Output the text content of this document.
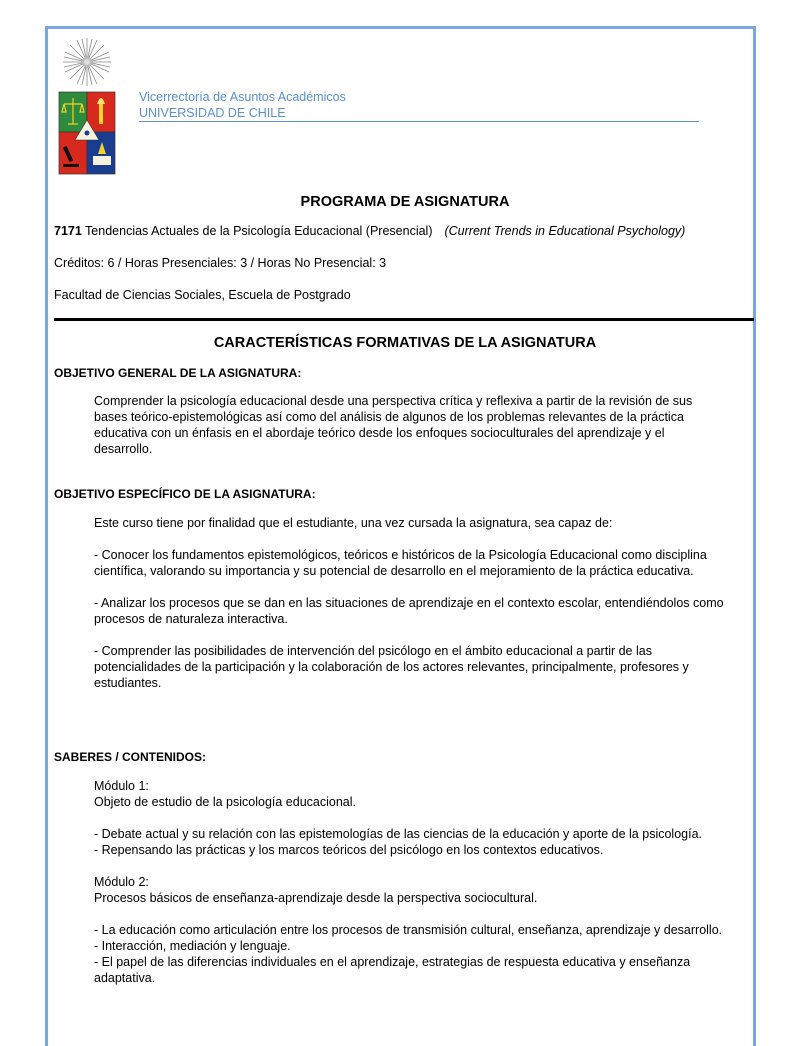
Vicerrectoría de Asuntos Académicos
UNIVERSIDAD DE CHILE
PROGRAMA DE ASIGNATURA
7171 Tendencias Actuales de la Psicología Educacional (Presencial) (Current Trends in Educational Psychology)
Créditos: 6 / Horas Presenciales: 3 / Horas No Presencial: 3
Facultad de Ciencias Sociales, Escuela de Postgrado
CARACTERÍSTICAS FORMATIVAS DE LA ASIGNATURA
OBJETIVO GENERAL DE LA ASIGNATURA:

Comprender la psicología educacional desde una perspectiva crítica y reflexiva a partir de la revisión de sus bases teórico-epistemológicas así como del análisis de algunos de los problemas relevantes de la práctica educativa con un énfasis en el abordaje teórico desde los enfoques socioculturales del aprendizaje y el desarrollo.

OBJETIVO ESPECÍFICO DE LA ASIGNATURA:

Este curso tiene por finalidad que el estudiante, una vez cursada la asignatura, sea capaz de:

- Conocer los fundamentos epistemológicos, teóricos e históricos de la Psicología Educacional como disciplina científica, valorando su importancia y su potencial de desarrollo en el mejoramiento de la práctica educativa.

- Analizar los procesos que se dan en las situaciones de aprendizaje en el contexto escolar, entendiéndolos como procesos de naturaleza interactiva.

- Comprender las posibilidades de intervención del psicólogo en el ámbito educacional a partir de las potencialidades de la participación y la colaboración de los actores relevantes, principalmente, profesores y estudiantes.

SABERES / CONTENIDOS:

Módulo 1:

Objeto de estudio de la psicología educacional.

- Debate actual y su relación con las epistemologías de las ciencias de la educación y aporte de la psicología.

- Repensando las prácticas y los marcos teóricos del psicólogo en los contextos educativos.

Módulo 2:

Procesos básicos de enseñanza-aprendizaje desde la perspectiva sociocultural.

- La educación como articulación entre los procesos de transmisión cultural, enseñanza, aprendizaje y desarrollo.

- Interacción, mediación y lenguaje.

- El papel de las diferencias individuales en el aprendizaje, estrategias de respuesta educativa y enseñanza adaptativa.
